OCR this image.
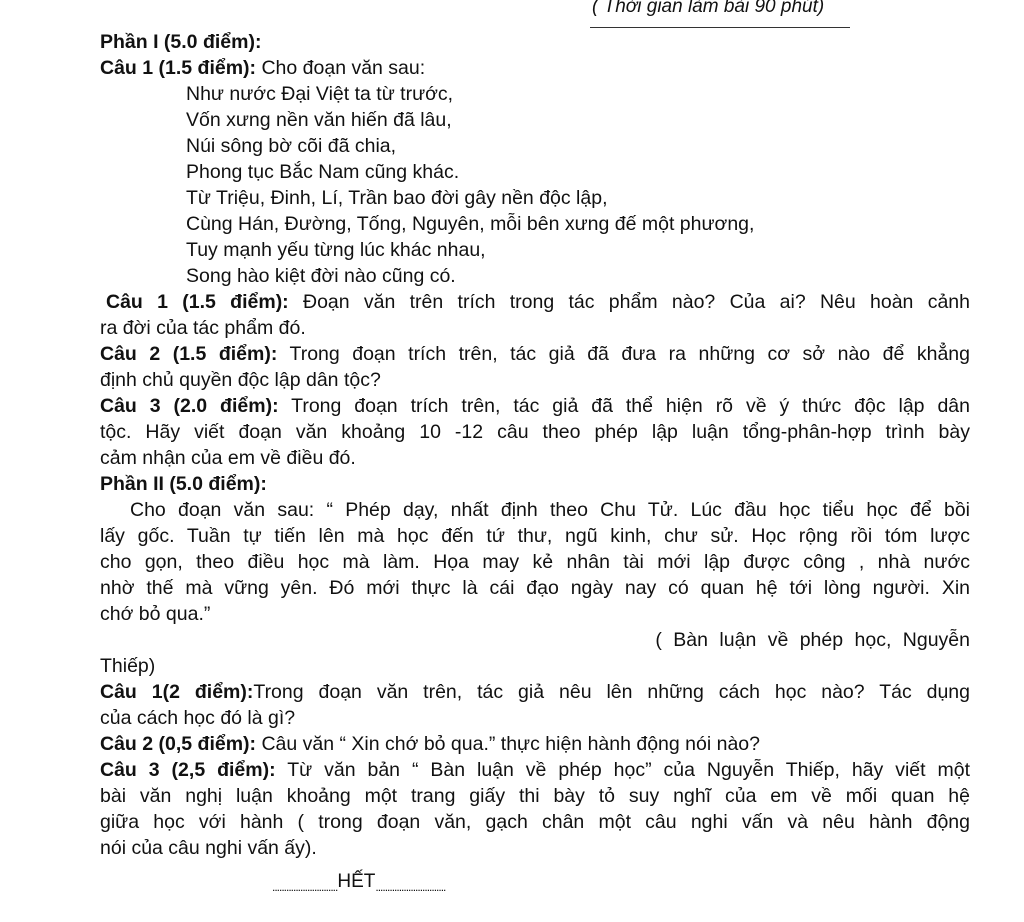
( Thời gian làm bài 90 phút)
Phần I (5.0 điểm):
Câu 1 (1.5 điểm): Cho đoạn văn sau:
Như nước Đại Việt ta từ trước,
Vốn xưng nền văn hiến đã lâu,
Núi sông bờ cõi đã chia,
Phong tục Bắc Nam cũng khác.
Từ Triệu, Đinh, Lí, Trần bao đời gây nền độc lập,
Cùng Hán, Đường, Tống, Nguyên, mỗi bên xưng đế một phương,
Tuy mạnh yếu từng lúc khác nhau,
Song hào kiệt đời nào cũng có.
Câu 1 (1.5 điểm): Đoạn văn trên trích trong tác phẩm nào? Của ai? Nêu hoàn cảnh
ra đời của tác phẩm đó.
Câu 2 (1.5 điểm): Trong đoạn trích trên, tác giả đã đưa ra những cơ sở nào để khẳng
định chủ quyền độc lập dân tộc?
Câu 3 (2.0 điểm): Trong đoạn trích trên, tác giả đã thể hiện rõ về ý thức độc lập dân
tộc. Hãy viết đoạn văn khoảng 10 -12 câu theo phép lập luận tổng-phân-hợp trình bày
cảm nhận của em về điều đó.
Phần II (5.0 điểm):
Cho đoạn văn sau: “ Phép dạy, nhất định theo Chu Tử. Lúc đầu học tiểu học để bồi
lấy gốc. Tuần tự tiến lên mà học đến tứ thư, ngũ kinh, chư sử. Học rộng rồi tóm lược
cho gọn, theo điều học mà làm. Họa may kẻ nhân tài mới lập được công , nhà nước
nhờ thế mà vững yên. Đó mới thực là cái đạo ngày nay có quan hệ tới lòng người. Xin
chớ bỏ qua.”
( Bàn luận về phép học, Nguyễn
Thiếp)
Câu 1(2 điểm):Trong đoạn văn trên, tác giả nêu lên những cách học nào? Tác dụng
của cách học đó là gì?
Câu 2 (0,5 điểm): Câu văn “ Xin chớ bỏ qua.” thực hiện hành động nói nào?
Câu 3 (2,5 điểm): Từ văn bản “ Bàn luận về phép học” của Nguyễn Thiếp, hãy viết một
bài văn nghị luận khoảng một trang giấy thi bày tỏ suy nghĩ của em về mối quan hệ
giữa học với hành ( trong đoạn văn, gạch chân một câu nghi vấn và nêu hành động
nói của câu nghi vấn ấy).
............................ HẾT ..............................
